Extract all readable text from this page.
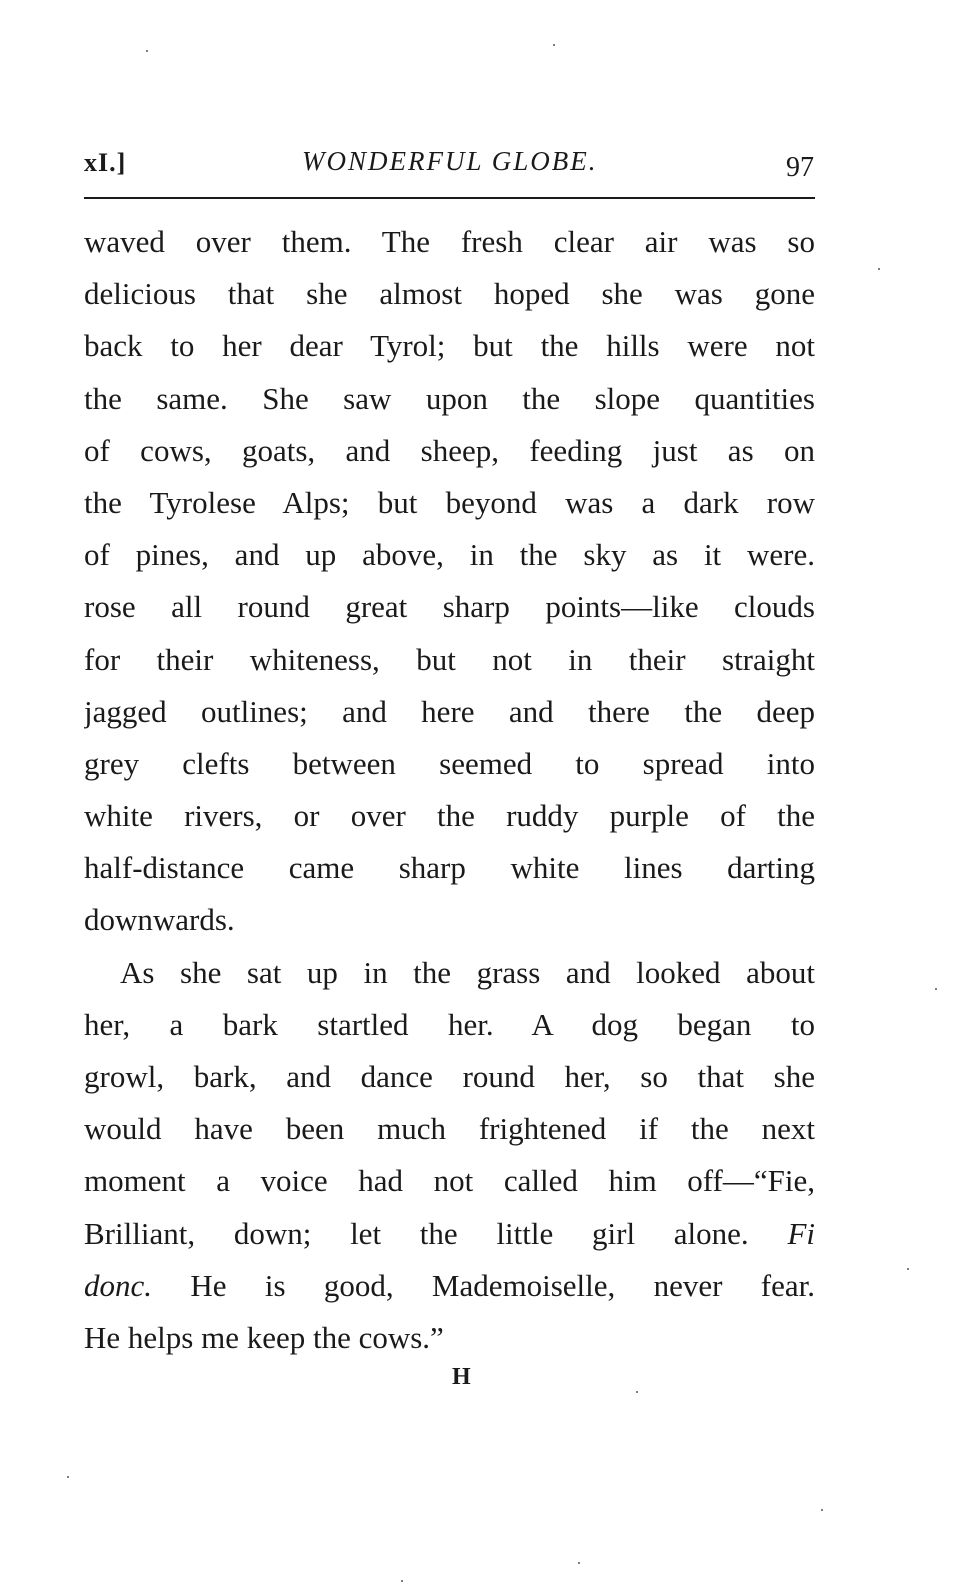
xI.]	WONDERFUL GLOBE.	97
waved over them. The fresh clear air was so
delicious that she almost hoped she was gone
back to her dear Tyrol; but the hills were not
the same. She saw upon the slope quantities
of cows, goats, and sheep, feeding just as on
the Tyrolese Alps; but beyond was a dark row
of pines, and up above, in the sky as it were.
rose all round great sharp points—like clouds
for their whiteness, but not in their straight
jagged outlines; and here and there the deep
grey clefts between seemed to spread into
white rivers, or over the ruddy purple of the
half-distance came sharp white lines darting
downwards.
As she sat up in the grass and looked about
her, a bark startled her. A dog began to
growl, bark, and dance round her, so that she
would have been much frightened if the next
moment a voice had not called him off—“Fie,
Brilliant, down; let the little girl alone. Fi
donc. He is good, Mademoiselle, never fear.
He helps me keep the cows.”
H
